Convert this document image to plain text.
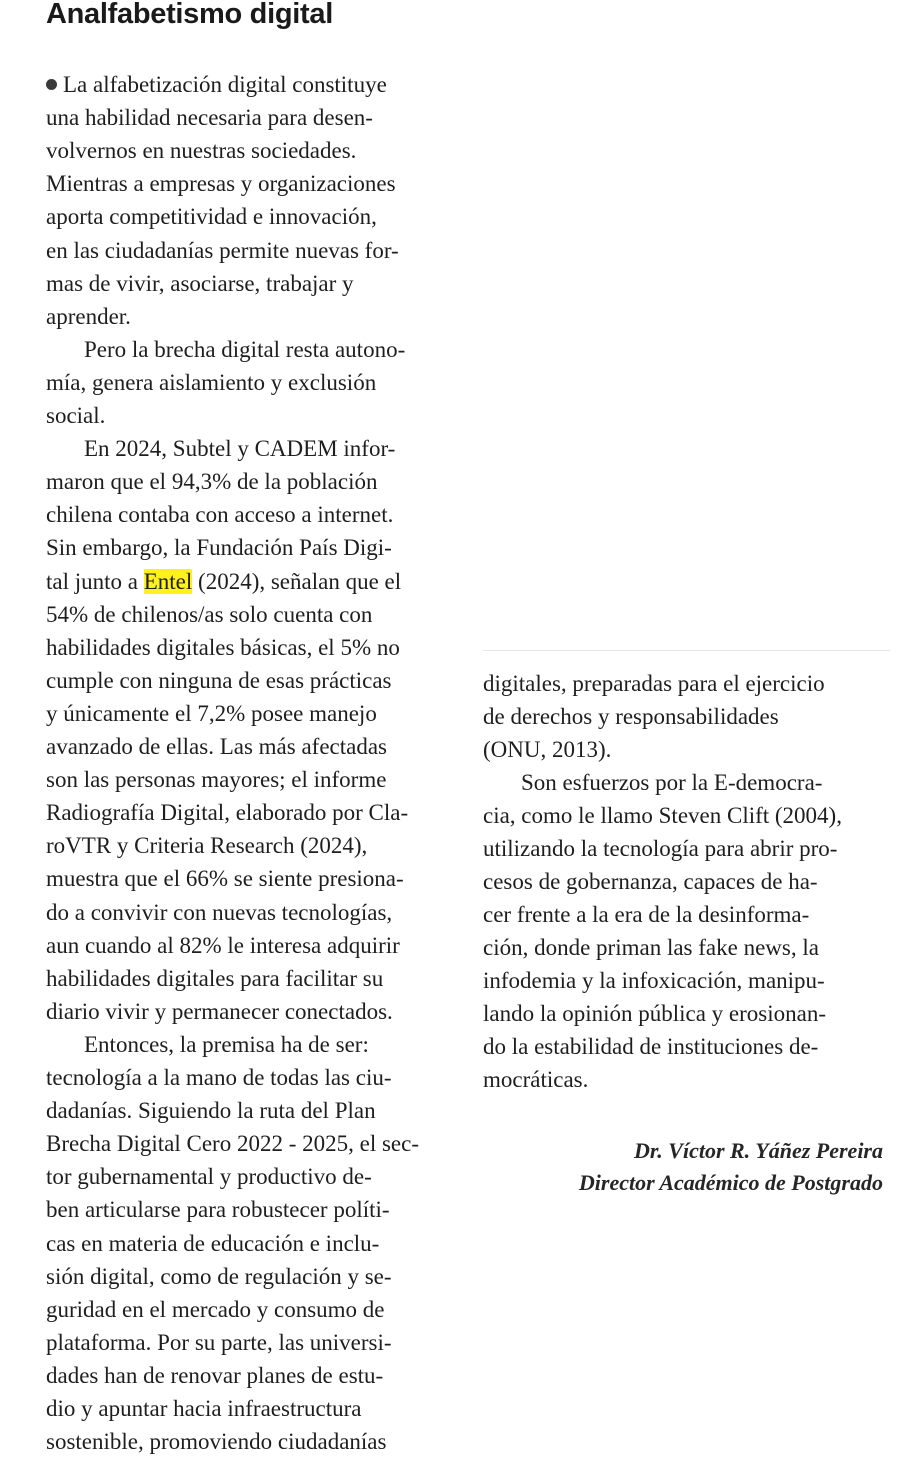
Analfabetismo digital
La alfabetización digital constituye
una habilidad necesaria para desen-
volvernos en nuestras sociedades.
Mientras a empresas y organizaciones
aporta competitividad e innovación,
en las ciudadanías permite nuevas for-
mas de vivir, asociarse, trabajar y
aprender.
Pero la brecha digital resta autono-
mía, genera aislamiento y exclusión
social.
En 2024, Subtel y CADEM infor-
maron que el 94,3% de la población
chilena contaba con acceso a internet.
Sin embargo, la Fundación País Digi-
tal junto a Entel (2024), señalan que el
54% de chilenos/as solo cuenta con
habilidades digitales básicas, el 5% no
cumple con ninguna de esas prácticas
y únicamente el 7,2% posee manejo
avanzado de ellas. Las más afectadas
son las personas mayores; el informe
Radiografía Digital, elaborado por Cla-
roVTR y Criteria Research (2024),
muestra que el 66% se siente presiona-
do a convivir con nuevas tecnologías,
aun cuando al 82% le interesa adquirir
habilidades digitales para facilitar su
diario vivir y permanecer conectados.
Entonces, la premisa ha de ser:
tecnología a la mano de todas las ciu-
dadanías. Siguiendo la ruta del Plan
Brecha Digital Cero 2022 - 2025, el sec-
tor gubernamental y productivo de-
ben articularse para robustecer políti-
cas en materia de educación e inclu-
sión digital, como de regulación y se-
guridad en el mercado y consumo de
plataforma. Por su parte, las universi-
dades han de renovar planes de estu-
dio y apuntar hacia infraestructura
sostenible, promoviendo ciudadanías
digitales, preparadas para el ejercicio
de derechos y responsabilidades
(ONU, 2013).
Son esfuerzos por la E-democra-
cia, como le llamo Steven Clift (2004),
utilizando la tecnología para abrir pro-
cesos de gobernanza, capaces de ha-
cer frente a la era de la desinforma-
ción, donde priman las fake news, la
infodemia y la infoxicación, manipu-
lando la opinión pública y erosionan-
do la estabilidad de instituciones de-
mocráticas.
Dr. Víctor R. Yáñez Pereira
Director Académico de Postgrado
